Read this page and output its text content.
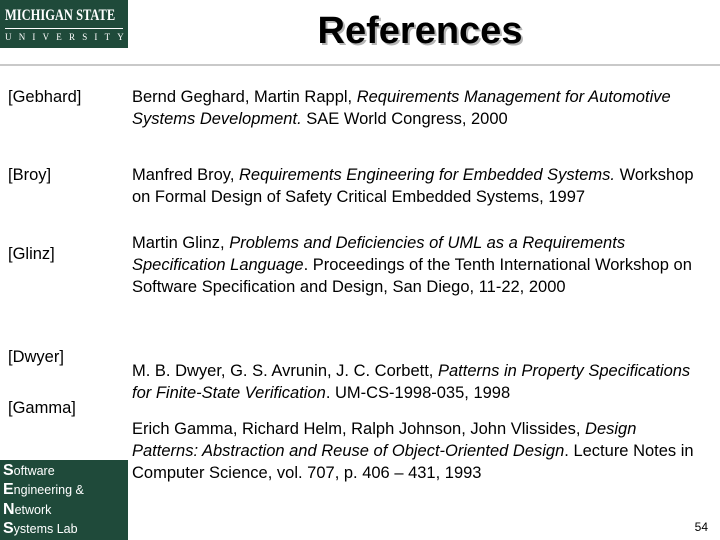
MICHIGAN STATE
UNIVERSITY	References
[Gebhard]
[Broy]
[Glinz]
[Dwyer]
[Gamma]
Bernd Geghard, Martin Rappl, Requirements Management for Automotive Systems Development. SAE World Congress, 2000
Manfred Broy, Requirements Engineering for Embedded Systems. Workshop on Formal Design of Safety Critical Embedded Systems, 1997
Martin Glinz, Problems and Deficiencies of UML as a Requirements Specification Language. Proceedings of the Tenth International Workshop on Software Specification and Design, San Diego, 11-22, 2000
M. B. Dwyer, G. S. Avrunin, J. C. Corbett, Patterns in Property Specifications for Finite-State Verification. UM-CS-1998-035, 1998
Erich Gamma, Richard Helm, Ralph Johnson, John Vlissides, Design Patterns: Abstraction and Reuse of Object-Oriented Design. Lecture Notes in Computer Science, vol. 707, p. 406 – 431, 1993
Software
Engineering &
Network
Systems Lab	54
